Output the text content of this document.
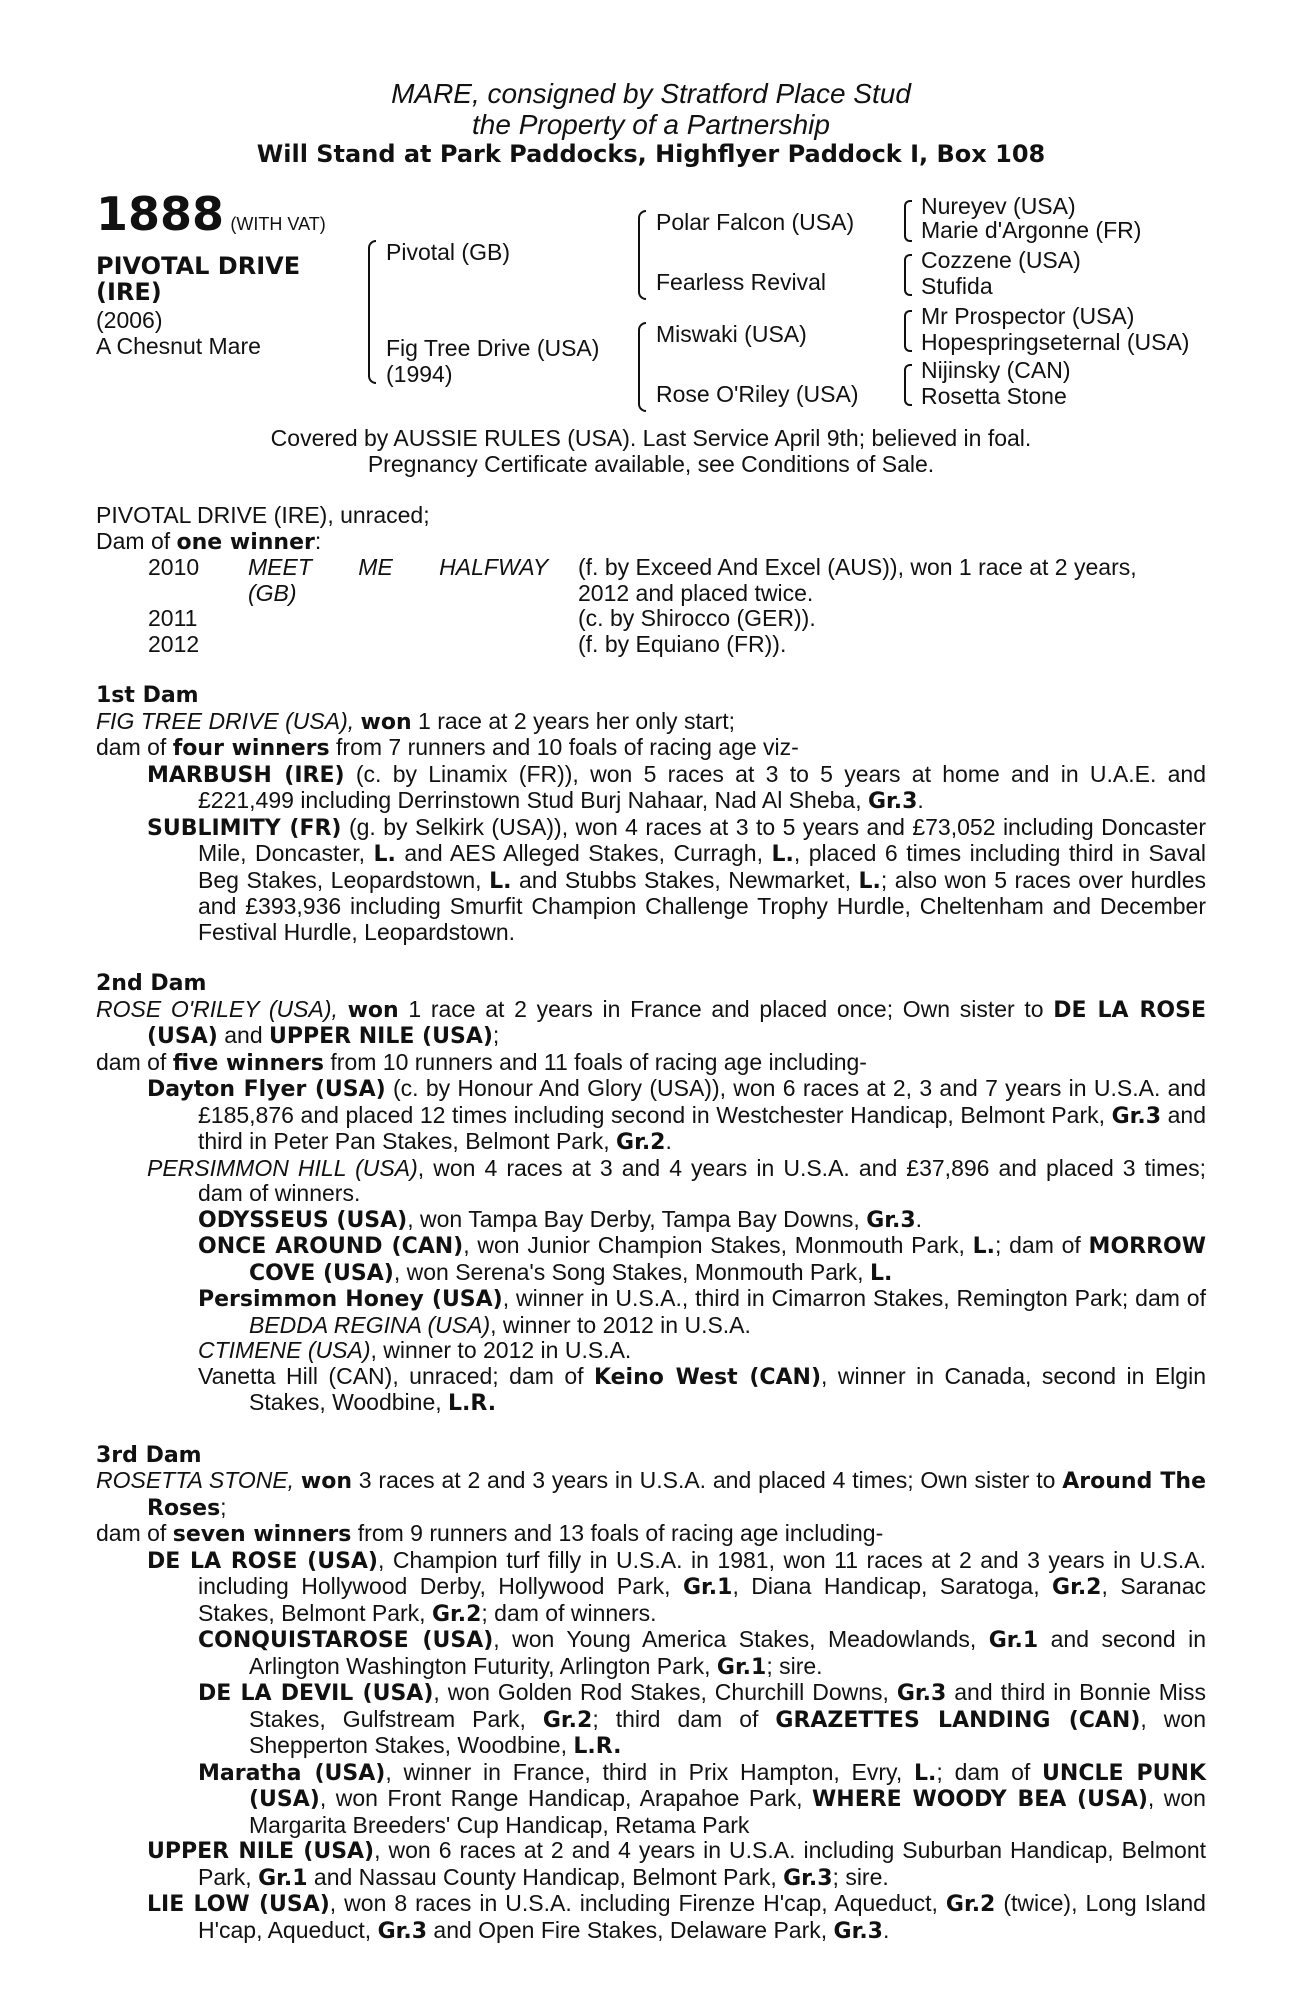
MARE, consigned by Stratford Place Stud
the Property of a Partnership
Will Stand at Park Paddocks, Highflyer Paddock I, Box 108
1888 (WITH VAT)
PIVOTAL DRIVE
(IRE)
(2006)
A Chesnut Mare
Pivotal (GB)
Fig Tree Drive (USA)
(1994)
Polar Falcon (USA)
Fearless Revival
Miswaki (USA)
Rose O'Riley (USA)
Nureyev (USA)
Marie d'Argonne (FR)
Cozzene (USA)
Stufida
Mr Prospector (USA)
Hopespringseternal (USA)
Nijinsky (CAN)
Rosetta Stone
Covered by AUSSIE RULES (USA). Last Service April 9th; believed in foal.
Pregnancy Certificate available, see Conditions of Sale.

PIVOTAL DRIVE (IRE), unraced;

Dam of one winner:

2010	MEET ME HALFWAY (GB)
(f. by Exceed And Excel (AUS)), won 1 race at 2 years, 2012 and placed twice.
2011	(c. by Shirocco (GER)).
2012	(f. by Equiano (FR)).

1st Dam

FIG TREE DRIVE (USA), won 1 race at 2 years her only start;

dam of four winners from 7 runners and 10 foals of racing age viz-

MARBUSH (IRE) (c. by Linamix (FR)), won 5 races at 3 to 5 years at home and in U.A.E. and £221,499 including Derrinstown Stud Burj Nahaar, Nad Al Sheba, Gr.3.

SUBLIMITY (FR) (g. by Selkirk (USA)), won 4 races at 3 to 5 years and £73,052 including Doncaster Mile, Doncaster, L. and AES Alleged Stakes, Curragh, L., placed 6 times including third in Saval Beg Stakes, Leopardstown, L. and Stubbs Stakes, Newmarket, L.; also won 5 races over hurdles and £393,936 including Smurfit Champion Challenge Trophy Hurdle, Cheltenham and December Festival Hurdle, Leopardstown.

2nd Dam

ROSE O'RILEY (USA), won 1 race at 2 years in France and placed once; Own sister to DE LA ROSE (USA) and UPPER NILE (USA);

dam of five winners from 10 runners and 11 foals of racing age including-

Dayton Flyer (USA) (c. by Honour And Glory (USA)), won 6 races at 2, 3 and 7 years in U.S.A. and £185,876 and placed 12 times including second in Westchester Handicap, Belmont Park, Gr.3 and third in Peter Pan Stakes, Belmont Park, Gr.2.

PERSIMMON HILL (USA), won 4 races at 3 and 4 years in U.S.A. and £37,896 and placed 3 times; dam of winners.

ODYSSEUS (USA), won Tampa Bay Derby, Tampa Bay Downs, Gr.3.

ONCE AROUND (CAN), won Junior Champion Stakes, Monmouth Park, L.; dam of MORROW COVE (USA), won Serena's Song Stakes, Monmouth Park, L.

Persimmon Honey (USA), winner in U.S.A., third in Cimarron Stakes, Remington Park; dam of BEDDA REGINA (USA), winner to 2012 in U.S.A.

CTIMENE (USA), winner to 2012 in U.S.A.

Vanetta Hill (CAN), unraced; dam of Keino West (CAN), winner in Canada, second in Elgin Stakes, Woodbine, L.R.

3rd Dam

ROSETTA STONE, won 3 races at 2 and 3 years in U.S.A. and placed 4 times; Own sister to Around The Roses;

dam of seven winners from 9 runners and 13 foals of racing age including-

DE LA ROSE (USA), Champion turf filly in U.S.A. in 1981, won 11 races at 2 and 3 years in U.S.A. including Hollywood Derby, Hollywood Park, Gr.1, Diana Handicap, Saratoga, Gr.2, Saranac Stakes, Belmont Park, Gr.2; dam of winners.

CONQUISTAROSE (USA), won Young America Stakes, Meadowlands, Gr.1 and second in Arlington Washington Futurity, Arlington Park, Gr.1; sire.

DE LA DEVIL (USA), won Golden Rod Stakes, Churchill Downs, Gr.3 and third in Bonnie Miss Stakes, Gulfstream Park, Gr.2; third dam of GRAZETTES LANDING (CAN), won Shepperton Stakes, Woodbine, L.R.

Maratha (USA), winner in France, third in Prix Hampton, Evry, L.; dam of UNCLE PUNK (USA), won Front Range Handicap, Arapahoe Park, WHERE WOODY BEA (USA), won Margarita Breeders' Cup Handicap, Retama Park

UPPER NILE (USA), won 6 races at 2 and 4 years in U.S.A. including Suburban Handicap, Belmont Park, Gr.1 and Nassau County Handicap, Belmont Park, Gr.3; sire.

LIE LOW (USA), won 8 races in U.S.A. including Firenze H'cap, Aqueduct, Gr.2 (twice), Long Island H'cap, Aqueduct, Gr.3 and Open Fire Stakes, Delaware Park, Gr.3.
